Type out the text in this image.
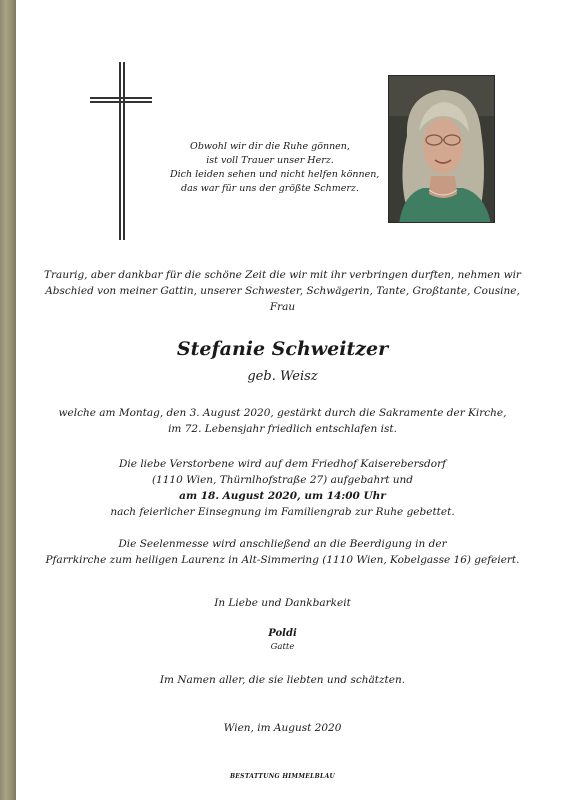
Obwohl wir dir die Ruhe gönnen,
ist voll Trauer unser Herz.
Dich leiden sehen und nicht helfen können,
das war für uns der größte Schmerz.
Traurig, aber dankbar für die schöne Zeit die wir mit ihr verbringen durften, nehmen wir
Abschied von meiner Gattin, unserer Schwester, Schwägerin, Tante, Großtante, Cousine,
Frau
Stefanie Schweitzer
geb. Weisz
welche am Montag, den 3. August 2020, gestärkt durch die Sakramente der Kirche,
im 72. Lebensjahr friedlich entschlafen ist.
Die liebe Verstorbene wird auf dem Friedhof Kaiserebersdorf
(1110 Wien, Thürnlhofstraße 27) aufgebahrt und
am 18. August 2020, um 14:00 Uhr
nach feierlicher Einsegnung im Familiengrab zur Ruhe gebettet.
Die Seelenmesse wird anschließend an die Beerdigung in der
Pfarrkirche zum heiligen Laurenz in Alt-Simmering (1110 Wien, Kobelgasse 16) gefeiert.
In Liebe und Dankbarkeit
Poldi
Gatte
Im Namen aller, die sie liebten und schätzten.
Wien, im August 2020
BESTATTUNG HIMMELBLAU
